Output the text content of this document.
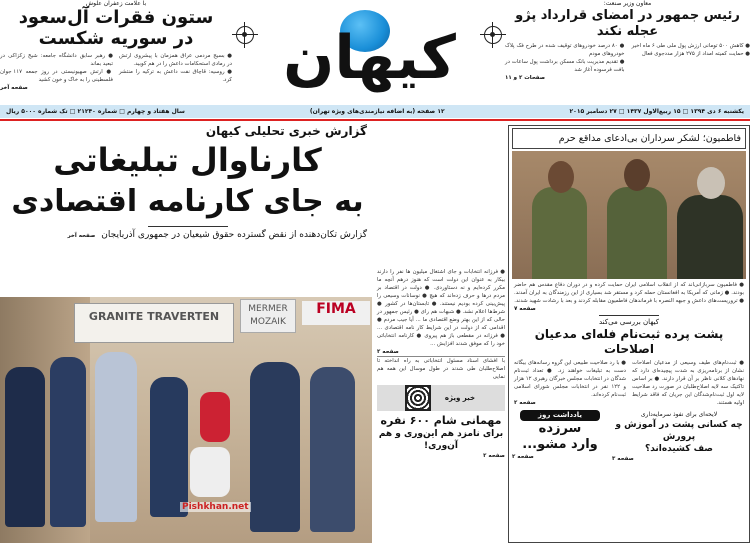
کیهان
با علامت زعفران علوش
ستون فقرات آل‌سعود
در سوریه شکست
● بسیج مردمی عراق همزمان با پیشروی ارتش در رمادی استحکامات داعش را در هم کوبید.
● روسیه: قاچاق نفت داعش به ترکیه را منتشر کرد.
● رهبر سابق دانشگاه جامعه: شیخ زکزاکی در تبعید بماند
● ارتش صهیونیستی در روز جمعه ۱۱۷ جوان فلسطینی را به خاک و خون کشید
صفحه آخر
معاون وزیر صنعت:
رئیس جمهور در امضای قرارداد پژو
عجله نکند
● کاهش ۵۰۰ تومانی ارزش پول ملی طی ۶ ماه اخیر
● حمایت کمیته امداد از ۲۷۵ هزار مددجوی فعال
● ۸۰ درصد خودروهای توقیف شده در طرح فک پلاک خودروهای مودم
● تقدیم مدیریت بانک مسکن برداشت پول ساعات در بافت فرسوده آغاز شد
صفحات ۲ و ۱۱
یکشنبه ۶ دی ۱۳۹۴ □ ۱۵ ربیع‌الاول ۱۴۳۷ □ ۲۷ دسامبر ۲۰۱۵
۱۲ صفحه (به اضافه نیازمندی‌های ویژه تهران)
سال هفتاد و چهارم □ شماره ۲۱۲۴۰ □ تک شماره ۵۰۰۰ ریال
گزارش خبری تحلیلی کیهان
کارناوال تبلیغاتی
به جای کارنامه اقتصادی
گزارش تکان‌دهنده از نقض گسترده حقوق شیعیان در جمهوری آذربایجان
صفحه آخر
GRANITE TRAVERTEN
MERMER MOZAIK
FIMA
Pishkhan.net
● فرزانه انتخابات و جای اشتغال میلیون ها نفر را دارند بیکار به عنوان این دولت است که هنوز درهم آنچه ما مکرر کرده‌ایم و نه دستاوردی. ● دولت در اقتصاد بر مردم درها و حرف زده‌اند که هیچ ● نوسانات وسیعی را پیش‌بینی کرده بودیم نیستند. ● تابستان‌ها در کشور ● شرط‌ها اعلام نشد. ● شبهات هم رای ● رئیس جمهور در حالی که از این بهتر وضع اقتصادی ما ... آیا جیب مردم ● اقدامی که از دولت در این شرایط کار نامه اقتصادی ... ● فرزانه در مقطعی باز هم پیروی ● کارنامه انتخاباتی خود را که موفق شدند افزایش ...
صفحه ۲
با افشای اسناد مسئول انتخاباتی به راه انداخته تا اصلاح‌طلبان طی شدند در طول موسال این همه هم نمایی
خبر ویژه
مهمانی شام ۶۰۰ نفره
برای نامزد هم این‌وری و هم آن‌وری!
صفحه ۲
فاطمیون؛ لشکر سرداران بی‌ادعای مداقع حرم
● فاطمیون سربازانی‌اند که از انقلاب اسلامی ایران حمایت کرده و در دوران دفاع مقدس هم حاضر بودند. ● زمانی که آمریکا به افغانستان حمله کرد و مستقر شد بسیاری از این رزمندگان به ایران آمدند. ● تروریست‌های داعش و جبهه النصره با فرماندهان فاطمیون مقابله کردند و بعد با رشادت شهید شدند.
صفحه ۷
کیهان بررسی می‌کند
پشت پرده ثبت‌نام فله‌ای مدعیان اصلاحات
● ثبت‌نام‌های طیف وسیعی از مدعیان اصلاحات نشان از برنامه‌ریزی به شدت پیچیده‌ای دارد که نهادهای کلانی ناظر بر آن قرار دارند. ● بر اساس تاکتیک سه لایه اصلاح‌طلبان در صورت رد صلاحیت لایه اول ثبت‌نام‌شدگان این جریان که فاقد شرایط اولیه هستند.
● با رد صلاحیت طبیعی این گروه رسانه‌های بیگانه دست به تبلیغات خواهند زد. ● تعداد ثبت‌نام شدگان در انتخابات مجلس خبرگان رهبری ۱۲ هزار و ۱۲۲ نفر در انتخابات مجلس شورای اسلامی ثبت‌نام کرده‌اند.
صفحه ۲
یادداشت روز
سرزده
وارد مشو...
صفحه ۲
لایحه‌ای برای نفوذ سرمایه‌داری
چه کسانی پشت در آموزش و پرورش
صف کشیده‌اند؟
صفحه ۳
